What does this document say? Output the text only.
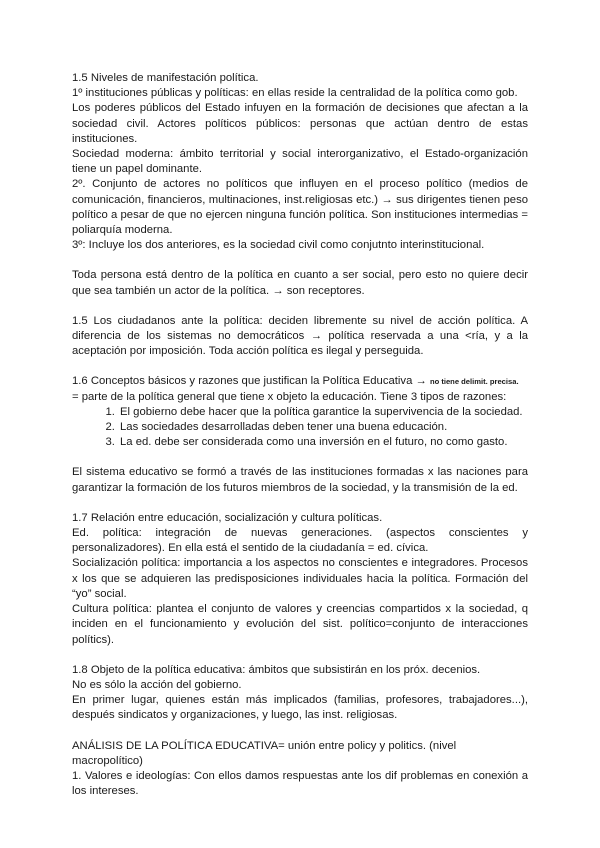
1.5 Niveles de manifestación política.

1º instituciones públicas y políticas: en ellas reside la centralidad de la política como gob.

Los poderes públicos del Estado infuyen en la formación de decisiones que afectan a la sociedad civil. Actores políticos públicos: personas que actúan dentro de estas instituciones.

Sociedad moderna: ámbito territorial y social interorganizativo, el Estado-organización tiene un papel dominante.

2º. Conjunto de actores no políticos que influyen en el proceso político (medios de comunicación, financieros, multinaciones, inst.religiosas etc.) → sus dirigentes tienen peso político a pesar de que no ejercen ninguna función política. Son instituciones intermedias = poliarquía moderna.

3º: Incluye los dos anteriores, es la sociedad civil como conjutnto interinstitucional.

Toda persona está dentro de la política en cuanto a ser social, pero esto no quiere decir que sea también un actor de la política. → son receptores.

1.5 Los ciudadanos ante la política: deciden libremente su nivel de acción política. A diferencia de los sistemas no democráticos → política reservada a una <ría, y a la aceptación por imposición. Toda acción política es ilegal y perseguida.

1.6 Conceptos básicos y razones que justifican la Política Educativa → no tiene delimit. precisa.

= parte de la política general que tiene x objeto la educación. Tiene 3 tipos de razones:

1. El gobierno debe hacer que la política garantice la supervivencia de la sociedad.
2. Las sociedades desarrolladas deben tener una buena educación.
3. La ed. debe ser considerada como una inversión en el futuro, no como gasto.

El sistema educativo se formó a través de las instituciones formadas x las naciones para garantizar la formación de los futuros miembros de la sociedad, y la transmisión de la ed.

1.7 Relación entre educación, socialización y cultura políticas.

Ed. política: integración de nuevas generaciones. (aspectos conscientes y personalizadores). En ella está el sentido de la ciudadanía = ed. cívica.

Socialización política: importancia a los aspectos no conscientes e integradores. Procesos x los que se adquieren las predisposiciones individuales hacia la política. Formación del “yo” social.

Cultura política: plantea el conjunto de valores y creencias compartidos x la sociedad, q inciden en el funcionamiento y evolución del sist. político=conjunto de interacciones polítics).

1.8 Objeto de la política educativa: ámbitos que subsistirán en los próx. decenios.

No es sólo la acción del gobierno.

En primer lugar, quienes están más implicados (familias, profesores, trabajadores...), después sindicatos y organizaciones, y luego, las inst. religiosas.

ANÁLISIS DE LA POLÍTICA EDUCATIVA= unión entre policy y politics. (nivel macropolítico)

1. Valores e ideologías: Con ellos damos respuestas ante los dif problemas en conexión a los intereses.
